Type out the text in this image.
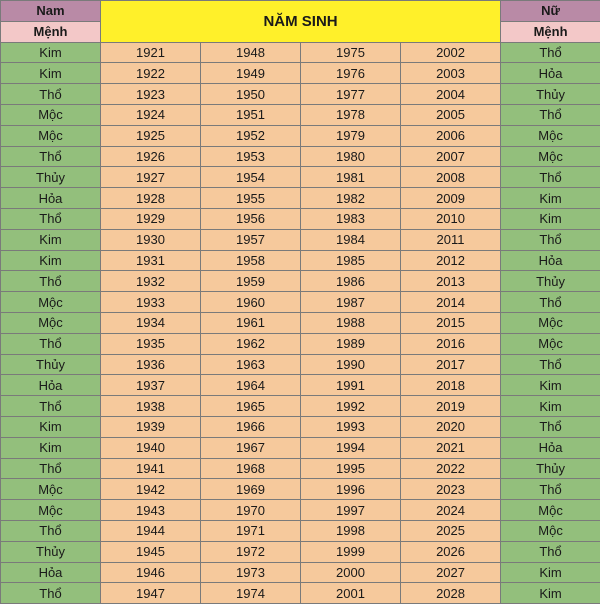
Nam	NĂM SINH				Nữ
Mệnh					Mệnh
Kim	1921	1948	1975	2002	Thổ
Kim	1922	1949	1976	2003	Hỏa
Thổ	1923	1950	1977	2004	Thủy
Mộc	1924	1951	1978	2005	Thổ
Mộc	1925	1952	1979	2006	Mộc
Thổ	1926	1953	1980	2007	Mộc
Thủy	1927	1954	1981	2008	Thổ
Hỏa	1928	1955	1982	2009	Kim
Thổ	1929	1956	1983	2010	Kim
Kim	1930	1957	1984	2011	Thổ
Kim	1931	1958	1985	2012	Hỏa
Thổ	1932	1959	1986	2013	Thủy
Mộc	1933	1960	1987	2014	Thổ
Mộc	1934	1961	1988	2015	Mộc
Thổ	1935	1962	1989	2016	Mộc
Thủy	1936	1963	1990	2017	Thổ
Hỏa	1937	1964	1991	2018	Kim
Thổ	1938	1965	1992	2019	Kim
Kim	1939	1966	1993	2020	Thổ
Kim	1940	1967	1994	2021	Hỏa
Thổ	1941	1968	1995	2022	Thủy
Mộc	1942	1969	1996	2023	Thổ
Mộc	1943	1970	1997	2024	Mộc
Thổ	1944	1971	1998	2025	Mộc
Thủy	1945	1972	1999	2026	Thổ
Hỏa	1946	1973	2000	2027	Kim
Thổ	1947	1974	2001	2028	Kim
